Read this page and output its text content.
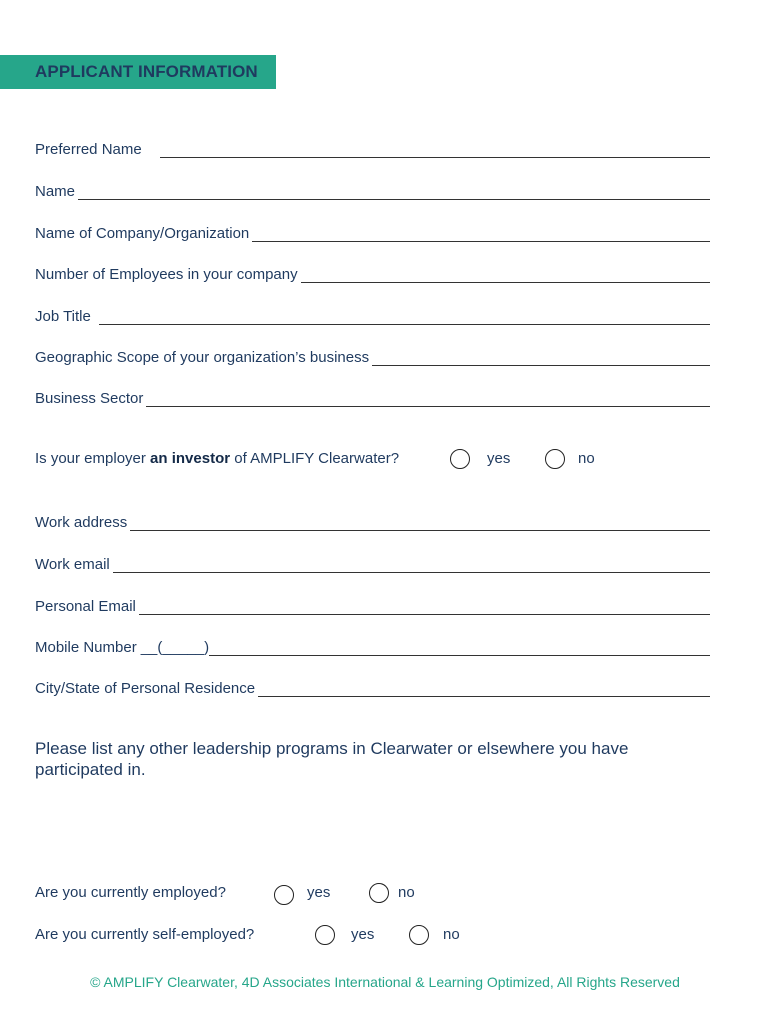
APPLICANT INFORMATION
Preferred Name
Name
Name of Company/Organization
Number of Employees in your company
Job Title
Geographic Scope of your organization’s business
Business Sector
Is your employer an investor of AMPLIFY Clearwater?	yes	no
Work address
Work email
Personal Email
Mobile Number __(_____)
City/State of Personal Residence
Please list any other leadership programs in Clearwater or elsewhere you have participated in.
Are you currently employed?	yes	no
Are you currently self-employed?	yes	no
© AMPLIFY Clearwater, 4D Associates International & Learning Optimized, All Rights Reserved
